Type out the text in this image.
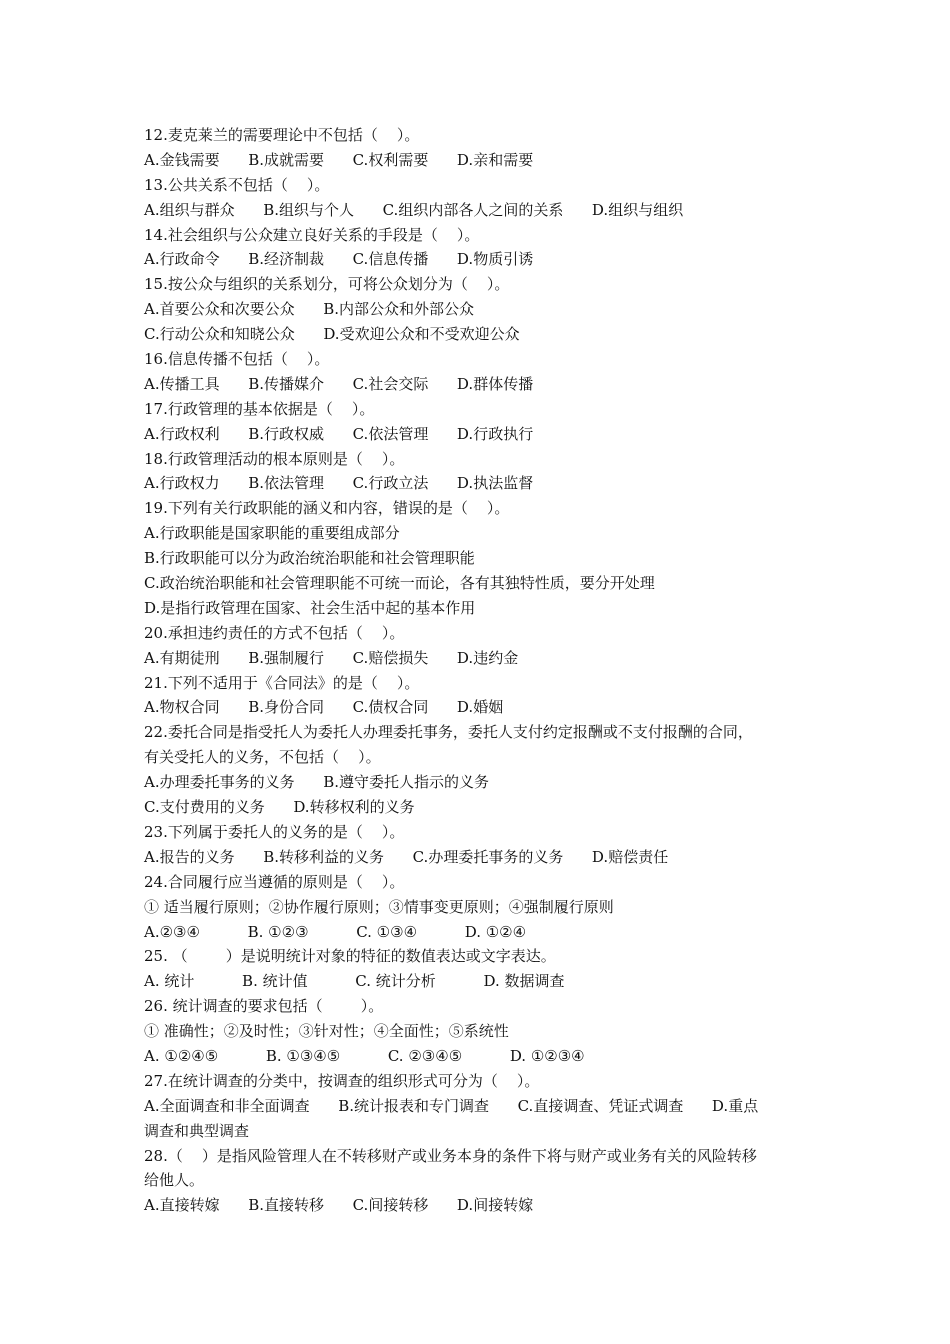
12.麦克莱兰的需要理论中不包括（    ）。
A.金钱需要      B.成就需要      C.权利需要      D.亲和需要
13.公共关系不包括（    ）。
A.组织与群众      B.组织与个人      C.组织内部各人之间的关系      D.组织与组织
14.社会组织与公众建立良好关系的手段是（    ）。
A.行政命令      B.经济制裁      C.信息传播      D.物质引诱
15.按公众与组织的关系划分，可将公众划分为（    ）。
A.首要公众和次要公众      B.内部公众和外部公众
C.行动公众和知晓公众      D.受欢迎公众和不受欢迎公众
16.信息传播不包括（    ）。
A.传播工具      B.传播媒介      C.社会交际      D.群体传播
17.行政管理的基本依据是（    ）。
A.行政权利      B.行政权威      C.依法管理      D.行政执行
18.行政管理活动的根本原则是（    ）。
A.行政权力      B.依法管理      C.行政立法      D.执法监督
19.下列有关行政职能的涵义和内容，错误的是（    ）。
A.行政职能是国家职能的重要组成部分
B.行政职能可以分为政治统治职能和社会管理职能
C.政治统治职能和社会管理职能不可统一而论，各有其独特性质，要分开处理
D.是指行政管理在国家、社会生活中起的基本作用
20.承担违约责任的方式不包括（    ）。
A.有期徒刑      B.强制履行      C.赔偿损失      D.违约金
21.下列不适用于《合同法》的是（    ）。
A.物权合同      B.身份合同      C.债权合同      D.婚姻
22.委托合同是指受托人为委托人办理委托事务，委托人支付约定报酬或不支付报酬的合同，
有关受托人的义务，不包括（    ）。
A.办理委托事务的义务      B.遵守委托人指示的义务
C.支付费用的义务      D.转移权利的义务
23.下列属于委托人的义务的是（    ）。
A.报告的义务      B.转移利益的义务      C.办理委托事务的义务      D.赔偿责任
24.合同履行应当遵循的原则是（    ）。
① 适当履行原则；②协作履行原则；③情事变更原则；④强制履行原则
A.②③④          B. ①②③          C. ①③④          D. ①②④
25. （        ）是说明统计对象的特征的数值表达或文字表达。
A. 统计          B. 统计值          C. 统计分析          D. 数据调查
26. 统计调查的要求包括（        ）。
① 准确性；②及时性；③针对性；④全面性；⑤系统性
A. ①②④⑤          B. ①③④⑤          C. ②③④⑤          D. ①②③④
27.在统计调查的分类中，按调查的组织形式可分为（    ）。
A.全面调查和非全面调查      B.统计报表和专门调查      C.直接调查、凭证式调查      D.重点
调查和典型调查
28.（    ）是指风险管理人在不转移财产或业务本身的条件下将与财产或业务有关的风险转移
给他人。
A.直接转嫁      B.直接转移      C.间接转移      D.间接转嫁
